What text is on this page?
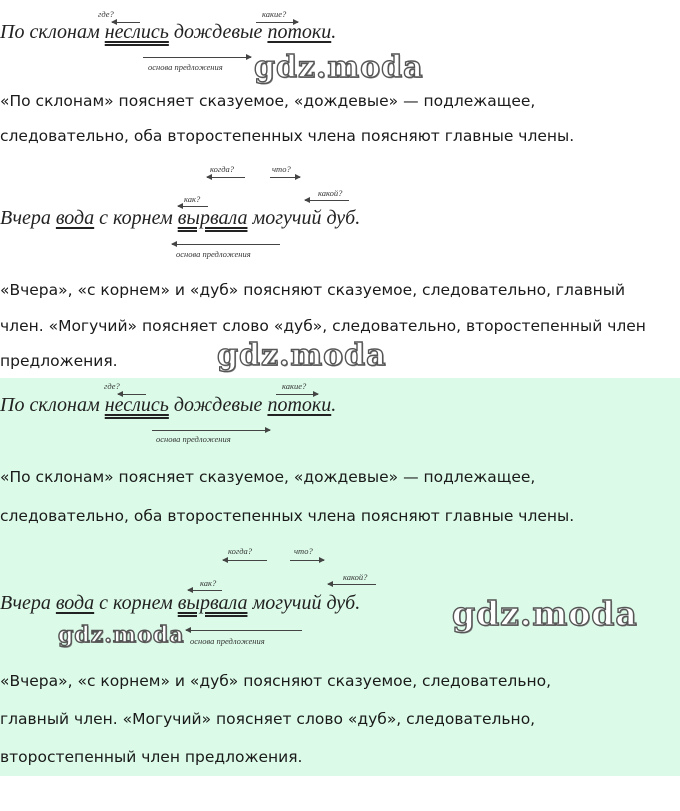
где?	какие?
По склонам неслись дождевые потоки.
основа предложения gdz.moda
«По склонам» поясняет сказуемое, «дождевые» — подлежащее,
следовательно, оба второстепенных члена поясняют главные члены.
когда?	что?
как?
какой?
Вчера вода с корнем вырвала могучий дуб.
основа предложения
«Вчера», «с корнем» и «дуб» поясняют сказуемое, следовательно, главный
член. «Могучий» поясняет слово «дуб», следовательно, второстепенный член
предложения.	gdz.moda
где?	какие?
По склонам неслись дождевые потоки.
основа предложения
«По склонам» поясняет сказуемое, «дождевые» — подлежащее,
следовательно, оба второстепенных члена поясняют главные члены.
когда?	что?
как?
какой?
Вчера вода с корнем вырвала могучий дуб.
gdz.moda основа предложения
gdz.moda
«Вчера», «с корнем» и «дуб» поясняют сказуемое, следовательно,
главный член. «Могучий» поясняет слово «дуб», следовательно,
второстепенный член предложения.
